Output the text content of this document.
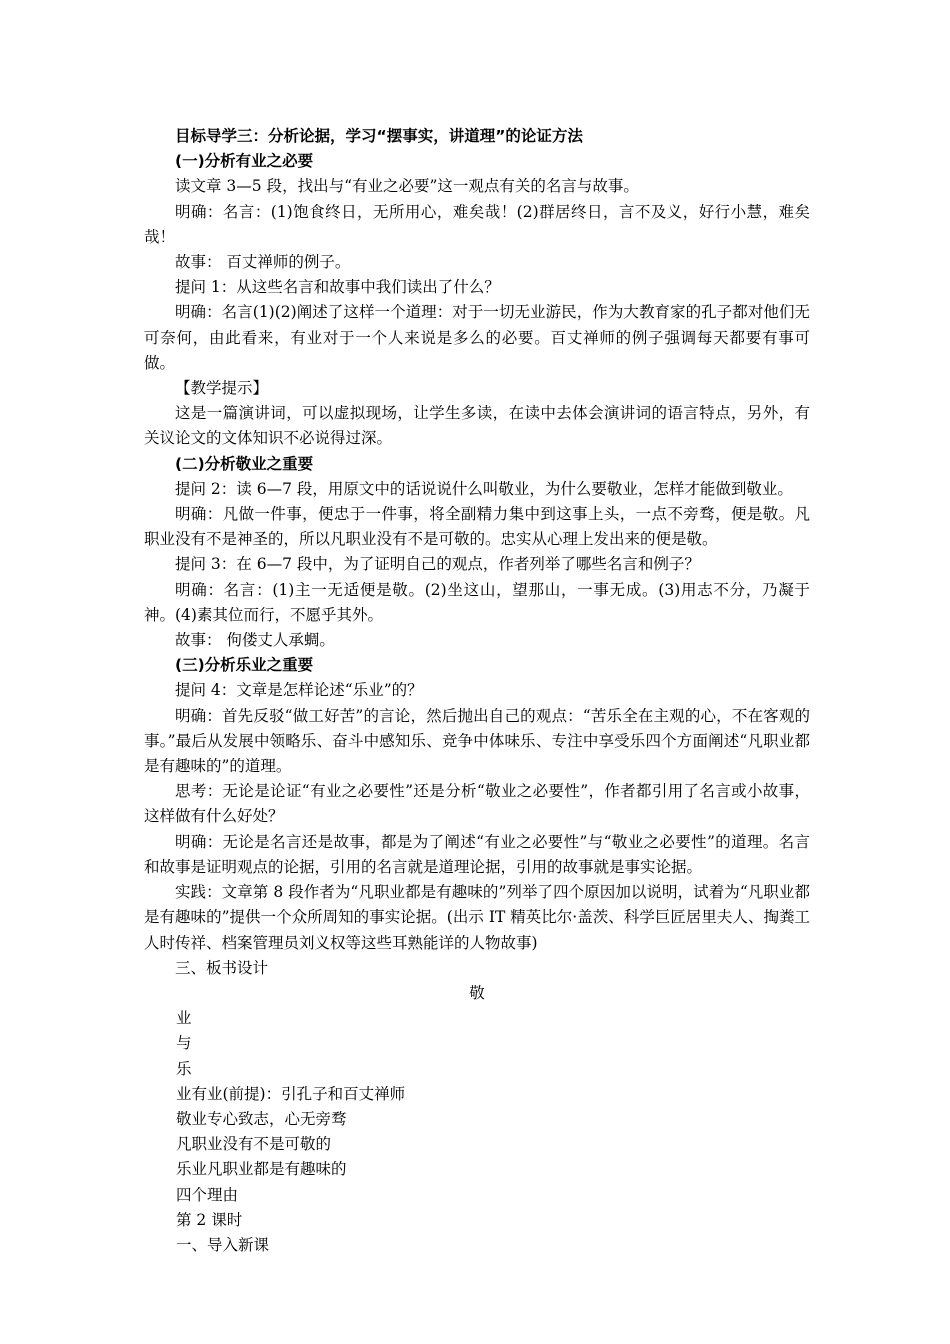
目标导学三：分析论据，学习“摆事实，讲道理”的论证方法

(一)分析有业之必要

读文章 3—5 段，找出与“有业之必要”这一观点有关的名言与故事。

明确：名言：(1)饱食终日，无所用心，难矣哉！(2)群居终日，言不及义，好行小慧，难矣哉！

故事： 百丈禅师的例子。

提问 1：从这些名言和故事中我们读出了什么？

明确：名言(1)(2)阐述了这样一个道理：对于一切无业游民，作为大教育家的孔子都对他们无可奈何，由此看来，有业对于一个人来说是多么的必要。百丈禅师的例子强调每天都要有事可做。

【教学提示】

这是一篇演讲词，可以虚拟现场，让学生多读，在读中去体会演讲词的语言特点，另外，有关议论文的文体知识不必说得过深。

(二)分析敬业之重要

提问 2：读 6—7 段，用原文中的话说说什么叫敬业，为什么要敬业，怎样才能做到敬业。

明确：凡做一件事，便忠于一件事，将全副精力集中到这事上头，一点不旁骛，便是敬。凡职业没有不是神圣的，所以凡职业没有不是可敬的。忠实从心理上发出来的便是敬。

提问 3：在 6—7 段中，为了证明自己的观点，作者列举了哪些名言和例子？

明确：名言：(1)主一无适便是敬。(2)坐这山，望那山，一事无成。(3)用志不分，乃凝于神。(4)素其位而行，不愿乎其外。

故事： 佝偻丈人承蜩。

(三)分析乐业之重要

提问 4：文章是怎样论述“乐业”的？

明确：首先反驳“做工好苦”的言论，然后抛出自己的观点：“苦乐全在主观的心，不在客观的事。”最后从发展中领略乐、奋斗中感知乐、竞争中体味乐、专注中享受乐四个方面阐述“凡职业都是有趣味的”的道理。

思考：无论是论证“有业之必要性”还是分析“敬业之必要性”，作者都引用了名言或小故事，这样做有什么好处？

明确：无论是名言还是故事，都是为了阐述“有业之必要性”与“敬业之必要性”的道理。名言和故事是证明观点的论据，引用的名言就是道理论据，引用的故事就是事实论据。

实践：文章第 8 段作者为“凡职业都是有趣味的”列举了四个原因加以说明，试着为“凡职业都是有趣味的”提供一个众所周知的事实论据。(出示 IT 精英比尔·盖茨、科学巨匠居里夫人、掏粪工人时传祥、档案管理员刘义权等这些耳熟能详的人物故事)

三、板书设计

敬

业

与

乐

业有业(前提)：引孔子和百丈禅师

敬业专心致志，心无旁骛

凡职业没有不是可敬的

乐业凡职业都是有趣味的

四个理由

第 2 课时

一、导入新课
